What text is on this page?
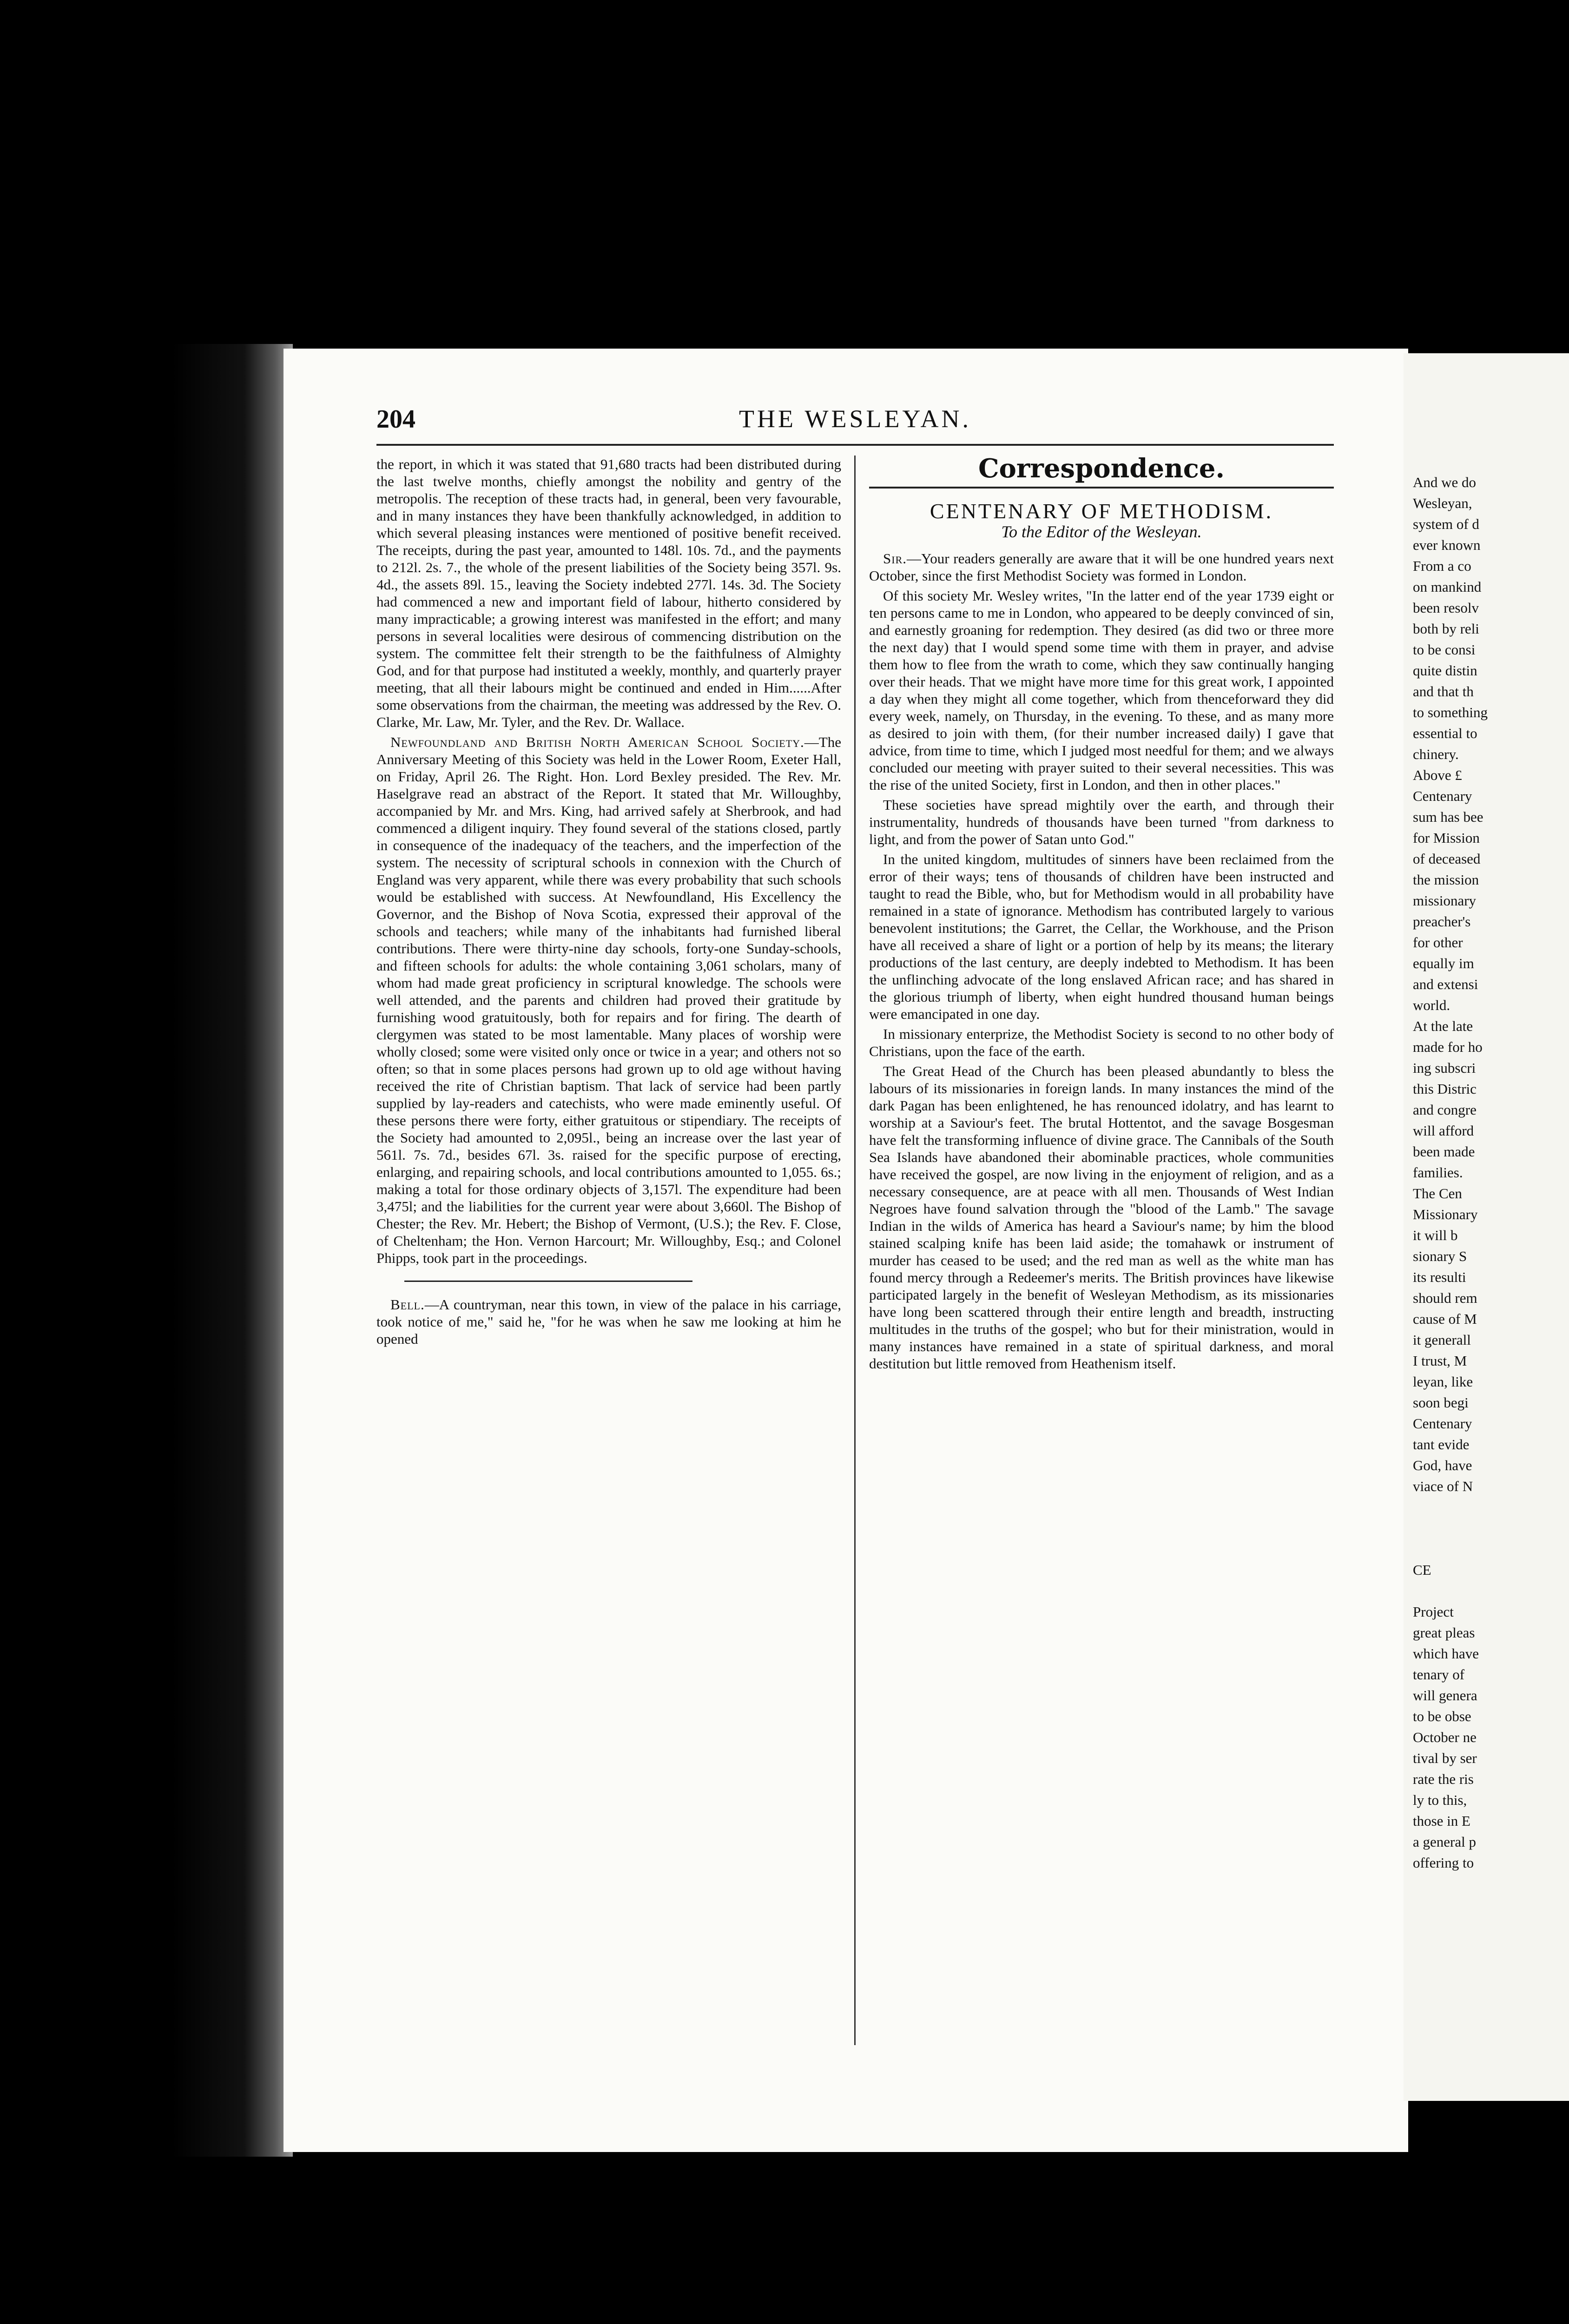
204	THE WESLEYAN.

the report, in which it was stated that 91,680 tracts had been distributed during the last twelve months, chiefly amongst the nobility and gentry of the metropolis. The reception of these tracts had, in general, been very favourable, and in many instances they have been thankfully acknowledged, in addition to which several pleasing instances were mentioned of positive benefit received. The receipts, during the past year, amounted to 148l. 10s. 7d., and the payments to 212l. 2s. 7., the whole of the present liabilities of the Society being 357l. 9s. 4d., the assets 89l. 15., leaving the Society indebted 277l. 14s. 3d. The Society had commenced a new and important field of labour, hitherto considered by many impracticable; a growing interest was manifested in the effort; and many persons in several localities were desirous of commencing distribution on the system. The committee felt their strength to be the faithfulness of Almighty God, and for that purpose had instituted a weekly, monthly, and quarterly prayer meeting, that all their labours might be continued and ended in Him......After some observations from the chairman, the meeting was addressed by the Rev. O. Clarke, Mr. Law, Mr. Tyler, and the Rev. Dr. Wallace.

Newfoundland and British North American School Society.—The Anniversary Meeting of this Society was held in the Lower Room, Exeter Hall, on Friday, April 26. The Right. Hon. Lord Bexley presided. The Rev. Mr. Haselgrave read an abstract of the Report. It stated that Mr. Willoughby, accompanied by Mr. and Mrs. King, had arrived safely at Sherbrook, and had commenced a diligent inquiry. They found several of the stations closed, partly in consequence of the inadequacy of the teachers, and the imperfection of the system. The necessity of scriptural schools in connexion with the Church of England was very apparent, while there was every probability that such schools would be established with success. At Newfoundland, His Excellency the Governor, and the Bishop of Nova Scotia, expressed their approval of the schools and teachers; while many of the inhabitants had furnished liberal contributions. There were thirty-nine day schools, forty-one Sunday-schools, and fifteen schools for adults: the whole containing 3,061 scholars, many of whom had made great proficiency in scriptural knowledge. The schools were well attended, and the parents and children had proved their gratitude by furnishing wood gratuitously, both for repairs and for firing. The dearth of clergymen was stated to be most lamentable. Many places of worship were wholly closed; some were visited only once or twice in a year; and others not so often; so that in some places persons had grown up to old age without having received the rite of Christian baptism. That lack of service had been partly supplied by lay-readers and catechists, who were made eminently useful. Of these persons there were forty, either gratuitous or stipendiary. The receipts of the Society had amounted to 2,095l., being an increase over the last year of 561l. 7s. 7d., besides 67l. 3s. raised for the specific purpose of erecting, enlarging, and repairing schools, and local contributions amounted to 1,055. 6s.; making a total for those ordinary objects of 3,157l. The expenditure had been 3,475l; and the liabilities for the current year were about 3,660l. The Bishop of Chester; the Rev. Mr. Hebert; the Bishop of Vermont, (U.S.); the Rev. F. Close, of Cheltenham; the Hon. Vernon Harcourt; Mr. Willoughby, Esq.; and Colonel Phipps, took part in the proceedings.

Bell.—A countryman, near this town, in view of the palace in his carriage, took notice of me," said he, "for he was when he saw me looking at him he opened

Correspondence.
CENTENARY OF METHODISM.
To the Editor of the Wesleyan.

Sir.—Your readers generally are aware that it will be one hundred years next October, since the first Methodist Society was formed in London.

Of this society Mr. Wesley writes, "In the latter end of the year 1739 eight or ten persons came to me in London, who appeared to be deeply convinced of sin, and earnestly groaning for redemption. They desired (as did two or three more the next day) that I would spend some time with them in prayer, and advise them how to flee from the wrath to come, which they saw continually hanging over their heads. That we might have more time for this great work, I appointed a day when they might all come together, which from thenceforward they did every week, namely, on Thursday, in the evening. To these, and as many more as desired to join with them, (for their number increased daily) I gave that advice, from time to time, which I judged most needful for them; and we always concluded our meeting with prayer suited to their several necessities. This was the rise of the united Society, first in London, and then in other places."

These societies have spread mightily over the earth, and through their instrumentality, hundreds of thousands have been turned "from darkness to light, and from the power of Satan unto God."

In the united kingdom, multitudes of sinners have been reclaimed from the error of their ways; tens of thousands of children have been instructed and taught to read the Bible, who, but for Methodism would in all probability have remained in a state of ignorance. Methodism has contributed largely to various benevolent institutions; the Garret, the Cellar, the Workhouse, and the Prison have all received a share of light or a portion of help by its means; the literary productions of the last century, are deeply indebted to Methodism. It has been the unflinching advocate of the long enslaved African race; and has shared in the glorious triumph of liberty, when eight hundred thousand human beings were emancipated in one day.

In missionary enterprize, the Methodist Society is second to no other body of Christians, upon the face of the earth.

The Great Head of the Church has been pleased abundantly to bless the labours of its missionaries in foreign lands. In many instances the mind of the dark Pagan has been enlightened, he has renounced idolatry, and has learnt to worship at a Saviour's feet. The brutal Hottentot, and the savage Bosgesman have felt the transforming influence of divine grace. The Cannibals of the South Sea Islands have abandoned their abominable practices, whole communities have received the gospel, are now living in the enjoyment of religion, and as a necessary consequence, are at peace with all men. Thousands of West Indian Negroes have found salvation through the "blood of the Lamb." The savage Indian in the wilds of America has heard a Saviour's name; by him the blood stained scalping knife has been laid aside; the tomahawk or instrument of murder has ceased to be used; and the red man as well as the white man has found mercy through a Redeemer's merits. The British provinces have likewise participated largely in the benefit of Wesleyan Methodism, as its missionaries have long been scattered through their entire length and breadth, instructing multitudes in the truths of the gospel; who but for their ministration, would in many instances have remained in a state of spiritual darkness, and moral destitution but little removed from Heathenism itself.

And we do
Wesleyan,
system of d
ever known
From a co
on mankind
been resolv
both by reli
to be consi
quite distin
and that th
to something
essential to
chinery.
Above £
Centenary
sum has bee
for Mission
of deceased
the mission
missionary
preacher's
for other
equally im
and extensi
world.
At the late
made for ho
ing subscri
this Distric
and congre
will afford
been made
families.
The Cen
Missionary
it will b
sionary S
its resulti
should rem
cause of M
it generall
I trust, M
leyan, like
soon begi
Centenary
tant evide
God, have
viace of N
CE
Project
great pleas
which have
tenary of
will genera
to be obse
October ne
tival by ser
rate the ris
ly to this,
those in E
a general p
offering to
